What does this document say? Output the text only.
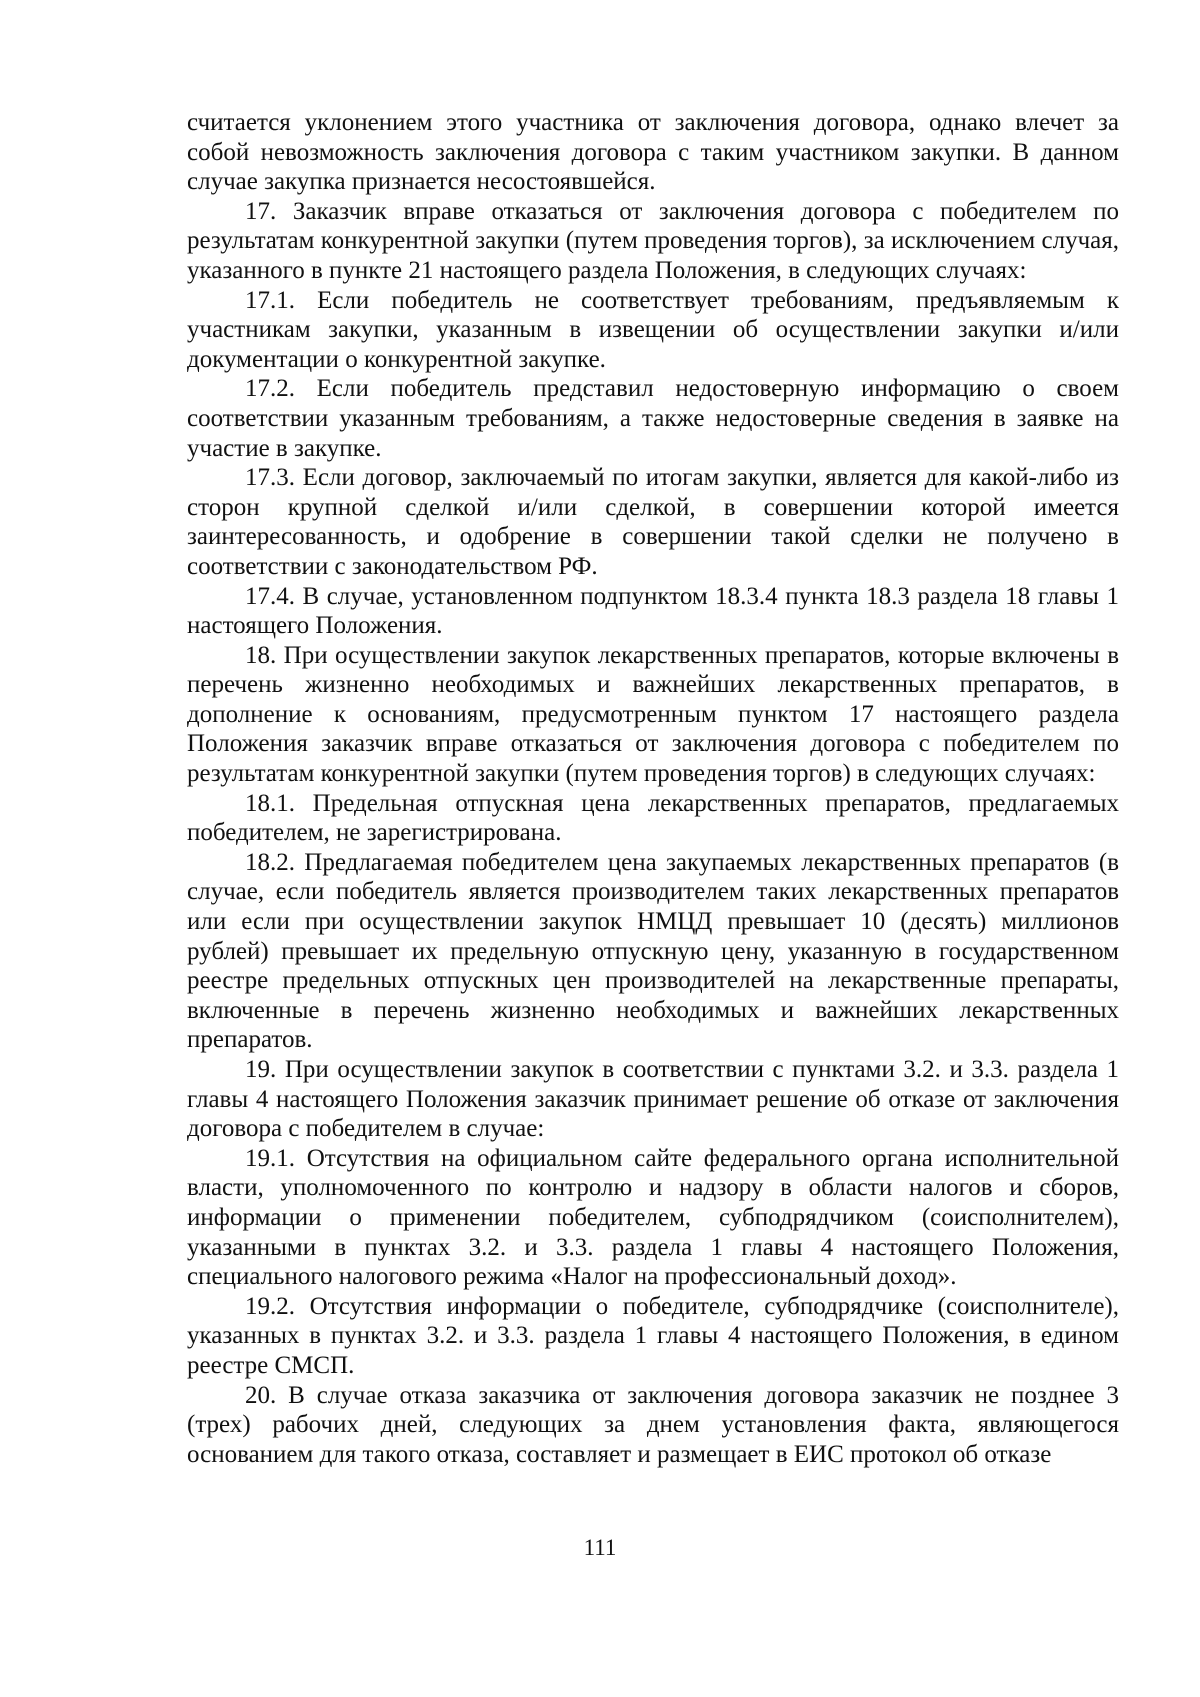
считается уклонением этого участника от заключения договора, однако влечет за собой невозможность заключения договора с таким участником закупки. В данном случае закупка признается несостоявшейся.

17. Заказчик вправе отказаться от заключения договора с победителем по результатам конкурентной закупки (путем проведения торгов), за исключением случая, указанного в пункте 21 настоящего раздела Положения, в следующих случаях:

17.1. Если победитель не соответствует требованиям, предъявляемым к участникам закупки, указанным в извещении об осуществлении закупки и/или документации о конкурентной закупке.

17.2. Если победитель представил недостоверную информацию о своем соответствии указанным требованиям, а также недостоверные сведения в заявке на участие в закупке.

17.3. Если договор, заключаемый по итогам закупки, является для какой-либо из сторон крупной сделкой и/или сделкой, в совершении которой имеется заинтересованность, и одобрение в совершении такой сделки не получено в соответствии с законодательством РФ.

17.4. В случае, установленном подпунктом 18.3.4 пункта 18.3 раздела 18 главы 1 настоящего Положения.

18. При осуществлении закупок лекарственных препаратов, которые включены в перечень жизненно необходимых и важнейших лекарственных препаратов, в дополнение к основаниям, предусмотренным пунктом 17 настоящего раздела Положения заказчик вправе отказаться от заключения договора с победителем по результатам конкурентной закупки (путем проведения торгов) в следующих случаях:

18.1. Предельная отпускная цена лекарственных препаратов, предлагаемых победителем, не зарегистрирована.

18.2. Предлагаемая победителем цена закупаемых лекарственных препаратов (в случае, если победитель является производителем таких лекарственных препаратов или если при осуществлении закупок НМЦД превышает 10 (десять) миллионов рублей) превышает их предельную отпускную цену, указанную в государственном реестре предельных отпускных цен производителей на лекарственные препараты, включенные в перечень жизненно необходимых и важнейших лекарственных препаратов.

19. При осуществлении закупок в соответствии с пунктами 3.2. и 3.3. раздела 1 главы 4 настоящего Положения заказчик принимает решение об отказе от заключения договора с победителем в случае:

19.1. Отсутствия на официальном сайте федерального органа исполнительной власти, уполномоченного по контролю и надзору в области налогов и сборов, информации о применении победителем, субподрядчиком (соисполнителем), указанными в пунктах 3.2. и 3.3. раздела 1 главы 4 настоящего Положения, специального налогового режима «Налог на профессиональный доход».

19.2. Отсутствия информации о победителе, субподрядчике (соисполнителе), указанных в пунктах 3.2. и 3.3. раздела 1 главы 4 настоящего Положения, в едином реестре СМСП.

20. В случае отказа заказчика от заключения договора заказчик не позднее 3 (трех) рабочих дней, следующих за днем установления факта, являющегося основанием для такого отказа, составляет и размещает в ЕИС протокол об отказе

111
